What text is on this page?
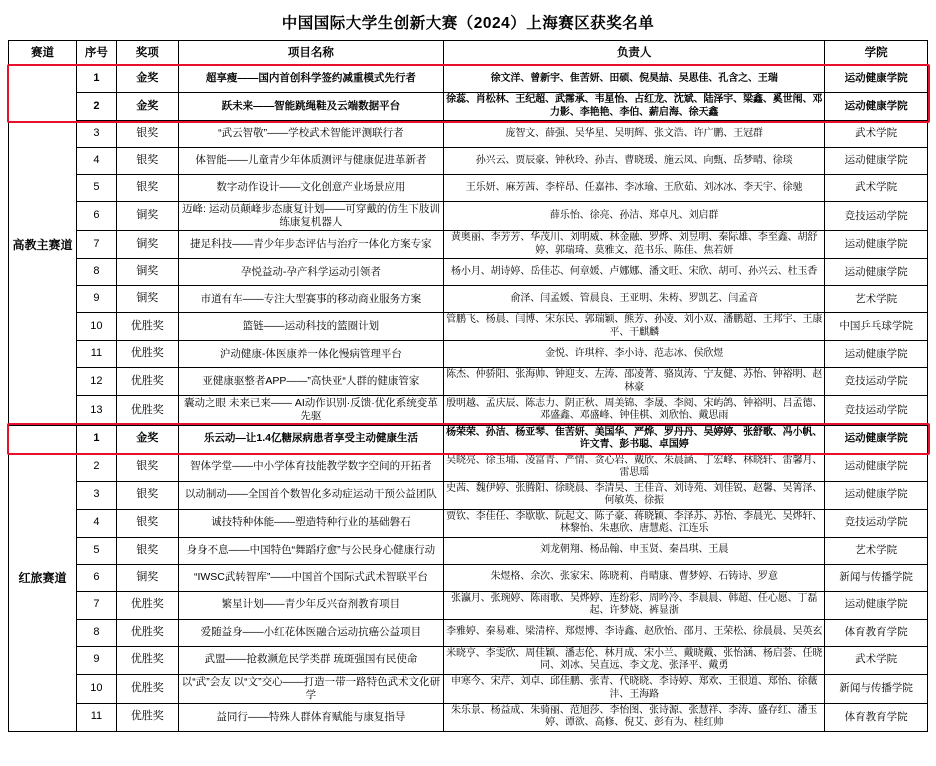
中国国际大学生创新大赛（2024）上海赛区获奖名单
赛道	序号	奖项	项目名称	负责人	学院
高教主赛道	1	金奖	超享瘦——国内首创科学签约减重模式先行者	徐文洋、曾新宇、隹苦妍、田硕、倪昊喆、吴思佳、孔含之、王瑞	运动健康学院
	2	金奖	跃未来——智能跳绳鞋及云端数据平台	徐蕊、肖松林、王纪超、武霈承、韦星怡、占红龙、沈斌、陆泽宇、梁鑫、奚世闱、邓力影、李艳艳、李伯、薪启海、徐天鑫	运动健康学院
	3	银奖	“武云智敬”——学校武术智能评测联行者	庞智文、薛强、吴华星、吴明辉、张文浩、许广鹏、王冠群	武术学院
	4	银奖	体智能——儿童青少年体质测评与健康促进革新者	孙兴云、贾辰豪、钟秋玲、孙吉、曹晓瑗、施云凤、向甄、岳梦晴、徐琰	运动健康学院
	5	银奖	数字动作设计——文化创意产业场景应用	王乐妍、麻芳茜、李梓昂、任嘉祎、李冰瑜、王欣茹、刘冰冰、李天宇、徐驰	武术学院
	6	铜奖	迈峰: 运动员颠峰步态康复计划——可穿戴的仿生下肢训练康复机器人	薛乐怡、徐亮、孙洁、郑卓凡、刘启群	竞技运动学院
	7	铜奖	捷足科技——青少年步态评估与治疗一体化方案专家	黄奥丽、李芳芳、华茂川、刘明威、林金融、罗烨、刘昱明、秦际雄、李至鑫、胡舒婷、郭瑞琦、莫雅文、范书乐、陈佳、焦若妍	运动健康学院
	8	铜奖	孕悦益动-孕产科学运动引领者	杨小月、胡诗婷、岳佳芯、何章媛、卢娜娜、潘文旺、宋欣、胡可、孙兴云、杜玉香	运动健康学院
	9	铜奖	市道有车——专注大型赛事的移动商业服务方案	俞泽、闫孟媛、管晨良、王亚明、朱梼、罗凯艺、闫孟音	艺术学院
	10	优胜奖	篮链——运动科技的篮圈计划	管鹏飞、杨晨、闫博、宋东民、郭瑞颖、熊芳、孙凌、刘小双、潘鹏超、王邦宇、王康平、干麒麟	中国乒乓球学院
	11	优胜奖	沪动健康-体医康养一体化慢病管理平台	金悦、许琪梓、李小诗、范志冰、侯欣煜	运动健康学院
	12	优胜奖	亚健康驱整者APP——”高快亚“人群的健康管家	陈杰、仲骄阳、张海帅、钟迎支、左涛、邵凌菁、骆岚涛、宁友健、苏怡、钟裕明、赵林豪	竞技运动学院
	13	优胜奖	囊动之眼 未来已来—— AI动作识别·反馈·优化系统变革先驱	殷明越、孟庆辰、陈志力、阴正秋、周美锦、李晟、李阅、宋屿鸽、钟裕明、吕孟德、邓盛鑫、邓盛峰、钟佳棋、刘欣怡、戴思雨	竞技运动学院
红旅赛道	1	金奖	乐云动—让1.4亿糖尿病患者享受主动健康生活	杨荣荣、孙洁、杨亚琴、隹苦妍、美国华、严烨、罗丹丹、吴婷婷、张舒歌、冯小帆、许文青、彭书聪、卓国婷	运动健康学院
	2	银奖	智体学堂——中小学体育技能教学数字空间的开拓者	吴晓亮、徐玉埔、凌富青、严情、贪心岩、戴欣、朱晨涵、丁宏峰、林晓轩、雷馨月、雷思瑶	运动健康学院
	3	银奖	以动制动——全国首个数智化多动症运动干预公益团队	史茜、魏伊婷、张腾阳、徐晓晨、李清昊、王佳音、刘诗苑、刘佳锐、赵馨、吴箐泽、何敏英、徐振	运动健康学院
	4	银奖	诚技特种体能——塑造特种行业的基础磐石	贾钦、李佳任、李歇歇、阮起文、陈子豪、蒋晓颖、李泽苏、苏怡、李晨光、吴烨轩、林黎怡、朱惠欣、唐慧彪、江连乐	竞技运动学院
	5	银奖	身身不息——中国特色“舞蹈疗愈”与公民身心健康行动	刘龙朝翔、杨品翰、申玉贤、秦昌琪、王晨	艺术学院
	6	铜奖	“IWSC武转智库”——中国首个国际式武术智联平台	朱煜格、余次、张家宋、陈晓莉、肖晴康、曹梦婷、石铸诗、罗意	新闻与传播学院
	7	优胜奖	繁星计划——青少年反兴奋剂教育项目	张瀛月、张琬婷、陈雨歌、吴烨婷、连纷彩、周吟冷、李晨晨、韩超、任心愿、丁磊起、许梦娆、裤显浙	运动健康学院
	8	优胜奖	爱随益身——小红花体医融合运动抗癌公益项目	李雅婷、秦易难、梁清梓、郑煜博、李诗鑫、赵欣怡、邵月、王荣松、徐晨晨、吴英玄	体育教育学院
	9	优胜奖	武盟——抢救濒危民学类群 琉斑强国有民使命	米晓亨、李雯欣、周佳颖、潘志伦、林月成、宋小兰、戴晓戴、张怡涵、杨启荟、任晓同、刘冰、吴直远、李文龙、张泽平、戴勇	武术学院
	10	优胜奖	以“武”会友 以“文”交心——打造一带一路特色武术文化研学	申寒今、宋芹、刘卓、邱佳鹏、张青、代晓晓、李诗婷、郑欢、王很道、郑怡、徐薇沣、王海路	新闻与传播学院
	11	优胜奖	益同行——特殊人群体育赋能与康复指导	朱乐景、杨益成、朱骑丽、范旭莎、李怡图、张诗源、张慧祥、李涛、盛存红、潘玉婷、谭欲、高修、倪艾、彭有为、桂红帅	体育教育学院
